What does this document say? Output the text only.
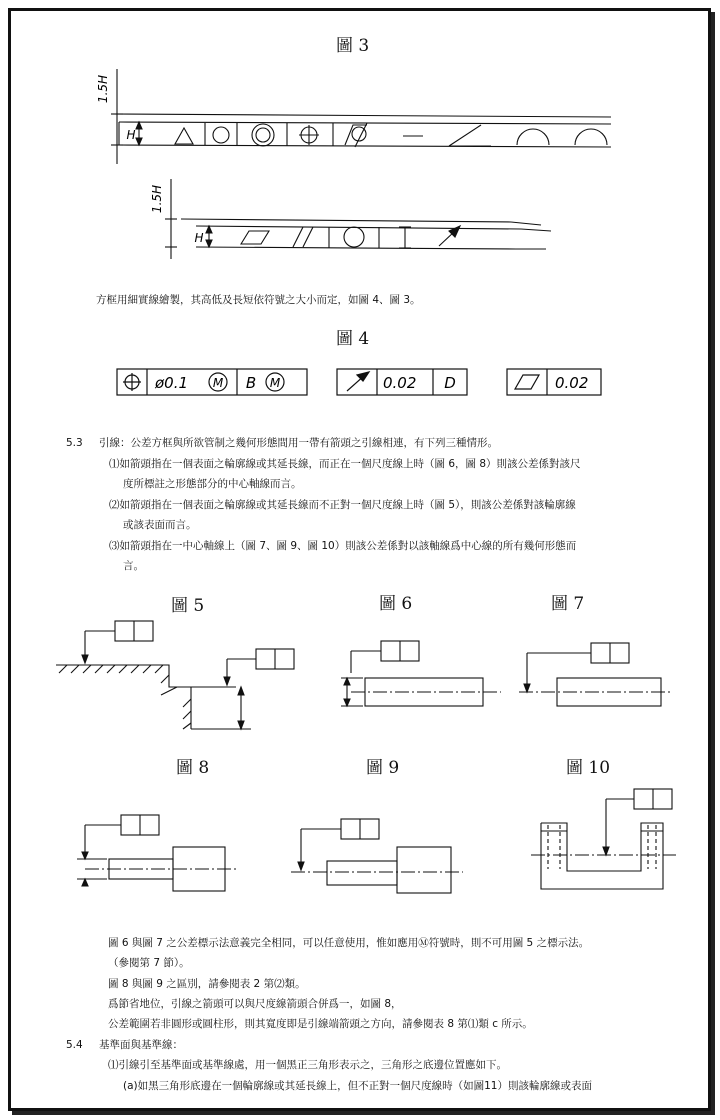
圖 3
1.5H
H
1.5H
H
方框用細實線繪製，其高低及長短依符號之大小而定，如圖 4、圖 3。
圖 4
ø0.1 M B M	0.02 D	0.02
5.3 引線：公差方框與所欲管制之幾何形態間用一帶有箭頭之引線相連，有下列三種情形。
⑴如箭頭指在一個表面之輪廓線或其延長線，而正在一個尺度線上時（圖 6，圖 8）則該公差係對該尺
度所標註之形態部分的中心軸線而言。
⑵如箭頭指在一個表面之輪廓線或其延長線而不正對一個尺度線上時（圖 5），則該公差係對該輪廓線
或該表面而言。
⑶如箭頭指在一中心軸線上（圖 7、圖 9、圖 10）則該公差係對以該軸線爲中心線的所有幾何形態而
言。
圖 5	圖 6	圖 7
圖 8	圖 9	圖 10
圖 6 與圖 7 之公差標示法意義完全相同，可以任意使用，惟如應用Ⓜ符號時，則不可用圖 5 之標示法。
（參閱第 7 節）。
圖 8 與圖 9 之區別，請參閱表 2 第⑵類。
爲節省地位，引線之箭頭可以與尺度線箭頭合併爲一，如圖 8，
公差範圍若非圓形或圓柱形，則其寬度即是引線端箭頭之方向，請參閱表 8 第⑴類 c 所示。
5.4 基準面與基準線：
⑴引線引至基準面或基準線處，用一個黑正三角形表示之，三角形之底邊位置應如下。
(a)如黑三角形底邊在一個輪廓線或其延長線上，但不正對一個尺度線時（如圖11）則該輪廓線或表面
